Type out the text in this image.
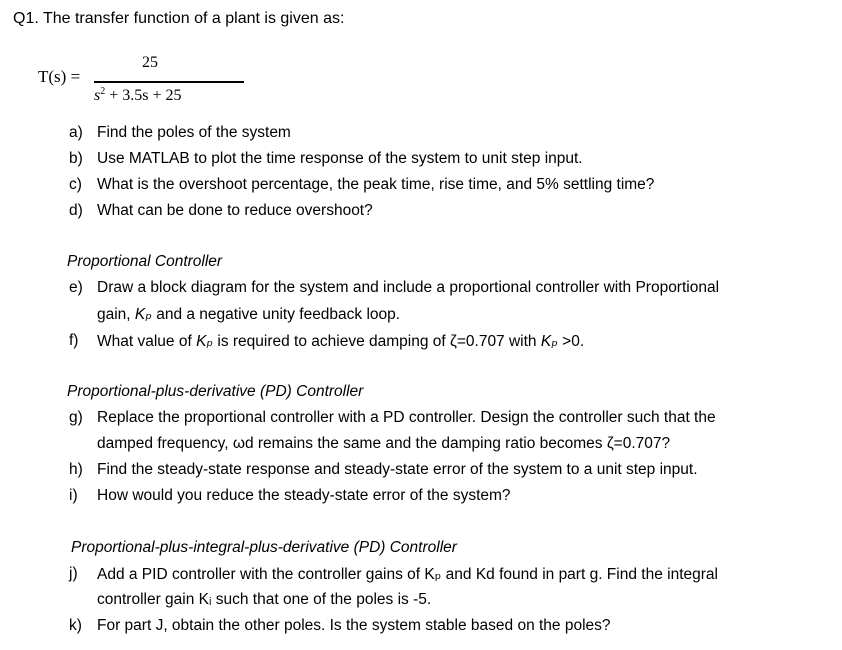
Q1. The transfer function of a plant is given as:
T(s) =
25
$s^2 + 3.5s + 25$
a) Find the poles of the system
b) Use MATLAB to plot the time response of the system to unit step input.
c) What is the overshoot percentage, the peak time, rise time, and 5% settling time?
d) What can be done to reduce overshoot?
Proportional Controller
e) Draw a block diagram for the system and include a proportional controller with Proportional
gain, Kₚ and a negative unity feedback loop.
f) What value of Kₚ is required to achieve damping of ζ=0.707 with Kₚ >0.
Proportional-plus-derivative (PD) Controller
g) Replace the proportional controller with a PD controller. Design the controller such that the
damped frequency, ωd remains the same and the damping ratio becomes ζ=0.707?
h) Find the steady-state response and steady-state error of the system to a unit step input.
i) How would you reduce the steady-state error of the system?
Proportional-plus-integral-plus-derivative (PD) Controller
j) Add a PID controller with the controller gains of Kₚ and Kd found in part g. Find the integral
controller gain Kᵢ such that one of the poles is -5.
k) For part J, obtain the other poles. Is the system stable based on the poles?
